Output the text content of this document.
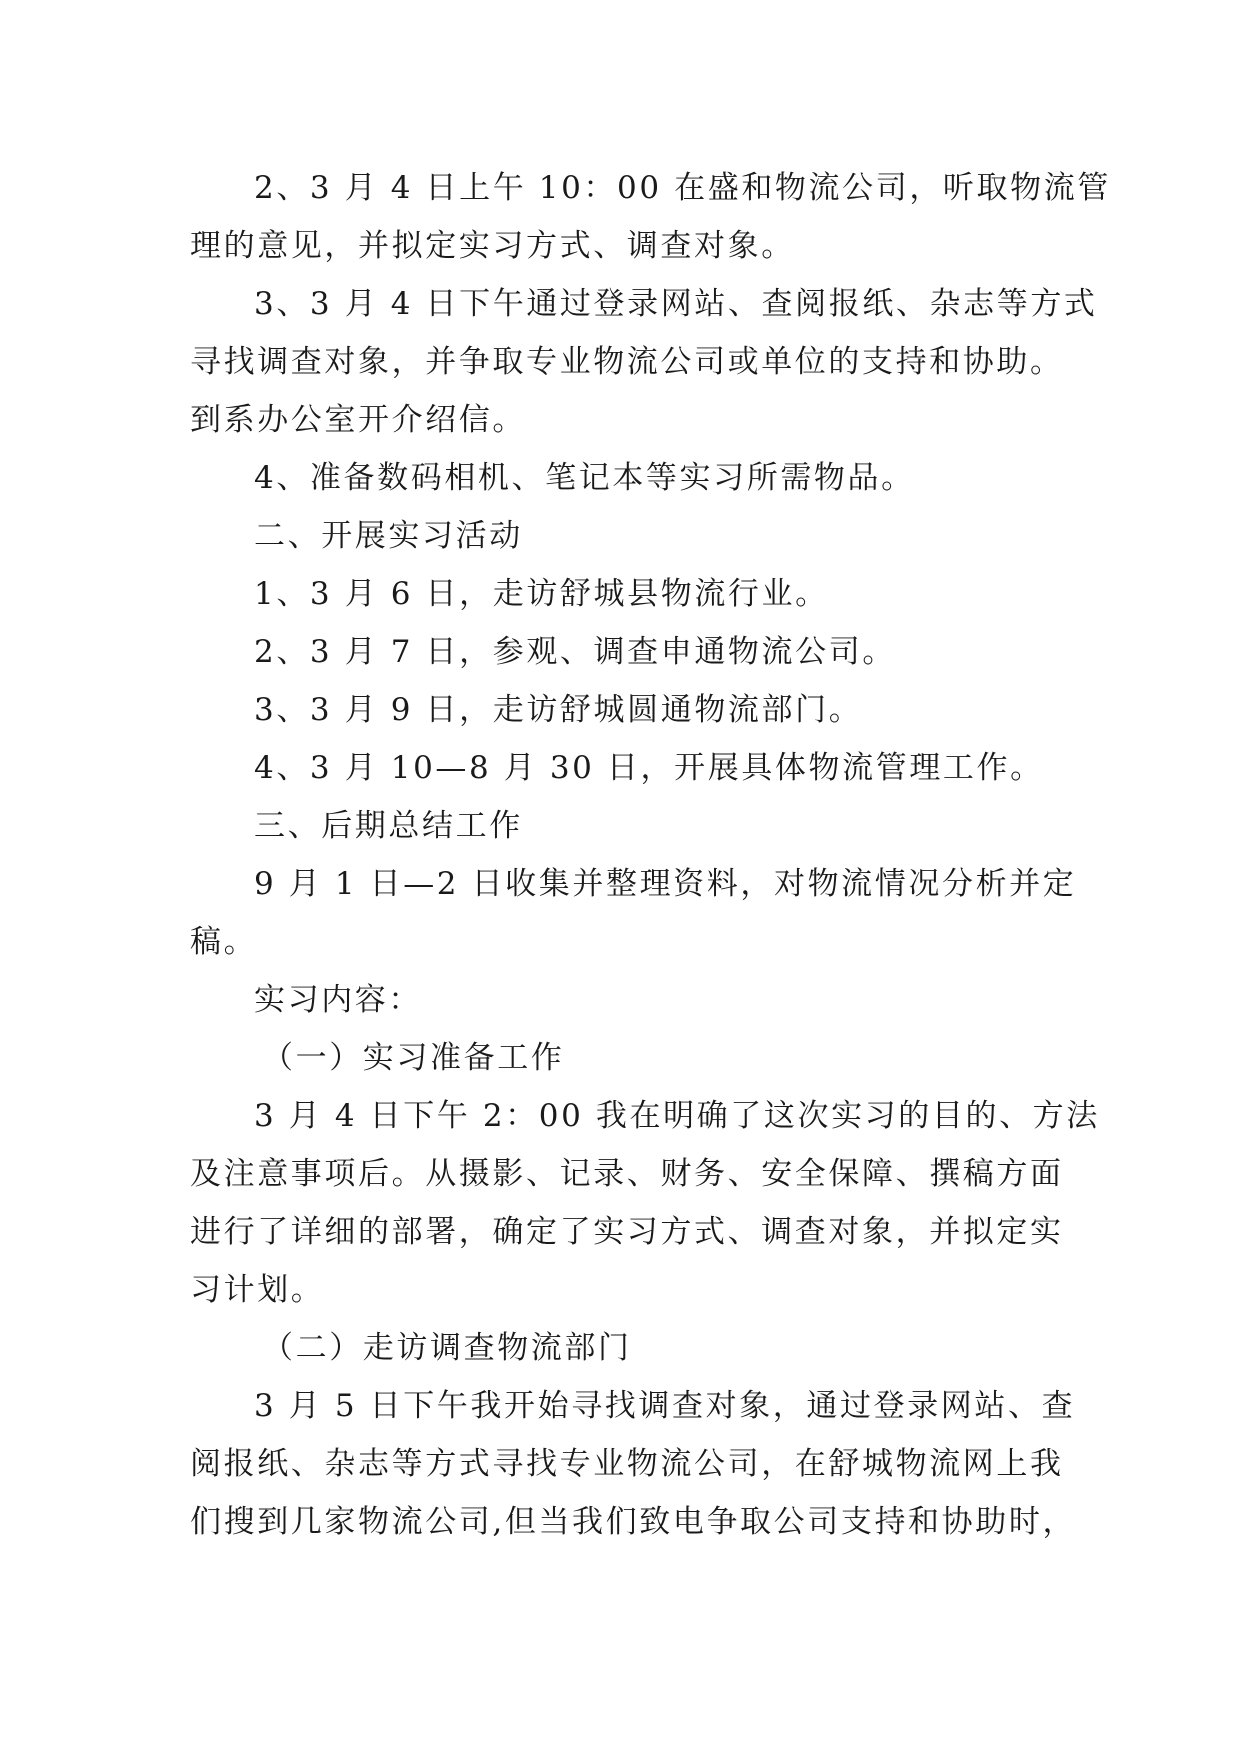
2、3 月 4 日上午 10：00 在盛和物流公司，听取物流管
理的意见，并拟定实习方式、调查对象。
3、3 月 4 日下午通过登录网站、查阅报纸、杂志等方式
寻找调查对象，并争取专业物流公司或单位的支持和协助。
到系办公室开介绍信。
4、准备数码相机、笔记本等实习所需物品。
二、开展实习活动
1、3 月 6 日，走访舒城县物流行业。
2、3 月 7 日，参观、调查申通物流公司。
3、3 月 9 日，走访舒城圆通物流部门。
4、3 月 10—8 月 30 日，开展具体物流管理工作。
三、后期总结工作
9 月 1 日—2 日收集并整理资料，对物流情况分析并定
稿。
实习内容：
（一）实习准备工作
3 月 4 日下午 2：00 我在明确了这次实习的目的、方法
及注意事项后。从摄影、记录、财务、安全保障、撰稿方面
进行了详细的部署，确定了实习方式、调查对象，并拟定实
习计划。
（二）走访调查物流部门
3 月 5 日下午我开始寻找调查对象，通过登录网站、查
阅报纸、杂志等方式寻找专业物流公司，在舒城物流网上我
们搜到几家物流公司,但当我们致电争取公司支持和协助时，
